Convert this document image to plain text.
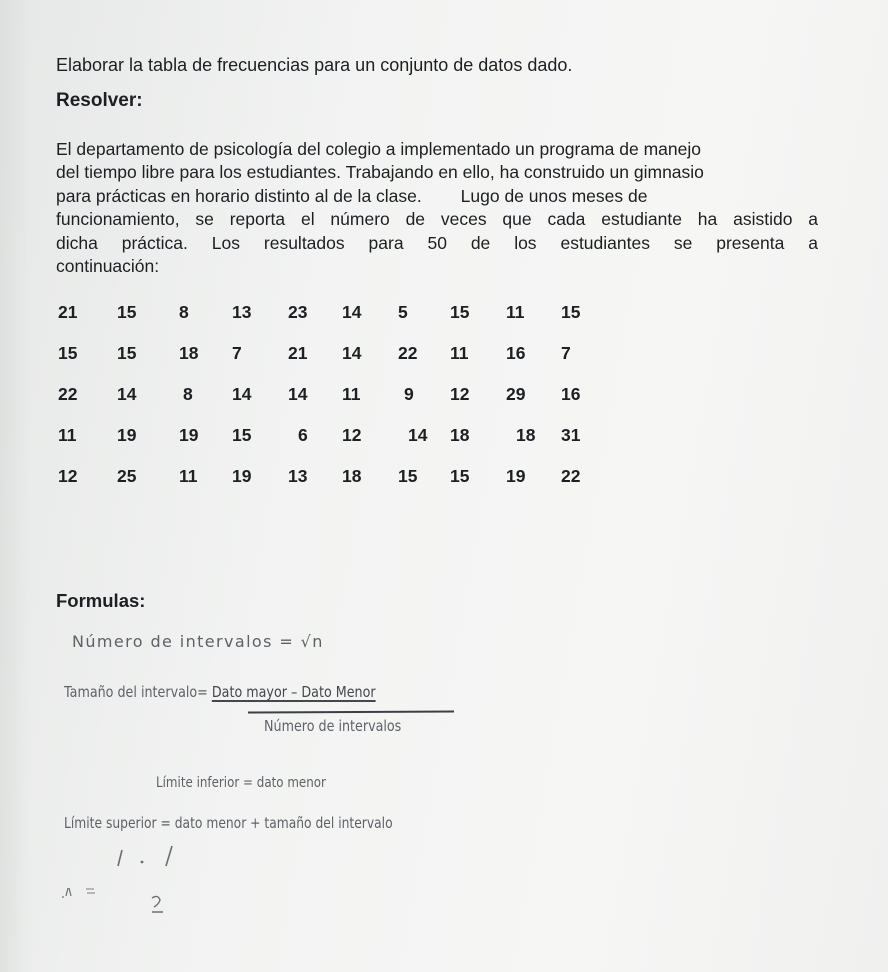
Elaborar la tabla de frecuencias para un conjunto de datos dado.
Resolver:
El departamento de psicología del colegio a implementado un programa de manejo
del tiempo libre para los estudiantes. Trabajando en ello, ha construido un gimnasio
para prácticas en horario distinto al de la clase.        Lugo de unos meses de
funcionamiento, se reporta el número de veces que cada estudiante ha asistido a
dicha práctica. Los resultados para 50 de los estudiantes se presenta a
continuación:
21 15 8 13 23 14 5 15 11 15
15 15 18 7	21 14 22 11 16 7
22 14	8 14 14 11 9 12 29 16
11 19 19 15	6 12	14 18	18 31
12 25 11 19 13 18 15 15 19 22
Formulas:
Número de intervalos = √n
Tamaño del intervalo= Dato mayor – Dato Menor
Número de intervalos
Límite inferior = dato menor
Límite superior = dato menor + tamaño del intervalo
